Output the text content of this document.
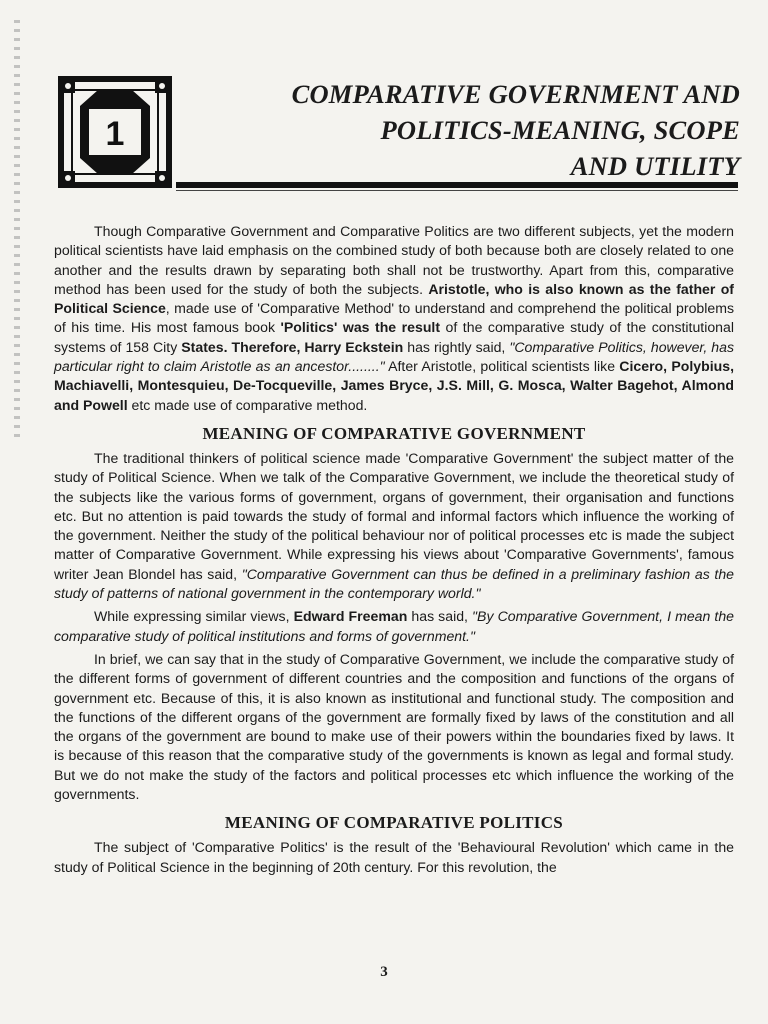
1
COMPARATIVE GOVERNMENT AND
POLITICS-MEANING, SCOPE
AND UTILITY

Though Comparative Government and Comparative Politics are two different subjects, yet the modern political scientists have laid emphasis on the combined study of both because both are closely related to one another and the results drawn by separating both shall not be trustworthy. Apart from this, comparative method has been used for the study of both the subjects. Aristotle, who is also known as the father of Political Science, made use of 'Comparative Method' to understand and comprehend the political problems of his time. His most famous book 'Politics' was the result of the comparative study of the constitutional systems of 158 City States. Therefore, Harry Eckstein has rightly said, "Comparative Politics, however, has particular right to claim Aristotle as an ancestor........" After Aristotle, political scientists like Cicero, Polybius, Machiavelli, Montesquieu, De-Tocqueville, James Bryce, J.S. Mill, G. Mosca, Walter Bagehot, Almond and Powell etc made use of comparative method.

MEANING OF COMPARATIVE GOVERNMENT

The traditional thinkers of political science made 'Comparative Government' the subject matter of the study of Political Science. When we talk of the Comparative Government, we include the theoretical study of the subjects like the various forms of government, organs of government, their organisation and functions etc. But no attention is paid towards the study of formal and informal factors which influence the working of the government. Neither the study of the political behaviour nor of political processes etc is made the subject matter of Comparative Government. While expressing his views about 'Comparative Governments', famous writer Jean Blondel has said, "Comparative Government can thus be defined in a preliminary fashion as the study of patterns of national government in the contemporary world."

While expressing similar views, Edward Freeman has said, "By Comparative Government, I mean the comparative study of political institutions and forms of government."

In brief, we can say that in the study of Comparative Government, we include the comparative study of the different forms of government of different countries and the composition and functions of the organs of government etc. Because of this, it is also known as institutional and functional study. The composition and the functions of the different organs of the government are formally fixed by laws of the constitution and all the organs of the government are bound to make use of their powers within the boundaries fixed by laws. It is because of this reason that the comparative study of the governments is known as legal and formal study. But we do not make the study of the factors and political processes etc which influence the working of the governments.

MEANING OF COMPARATIVE POLITICS

The subject of 'Comparative Politics' is the result of the 'Behavioural Revolution' which came in the study of Political Science in the beginning of 20th century. For this revolution, the

3
